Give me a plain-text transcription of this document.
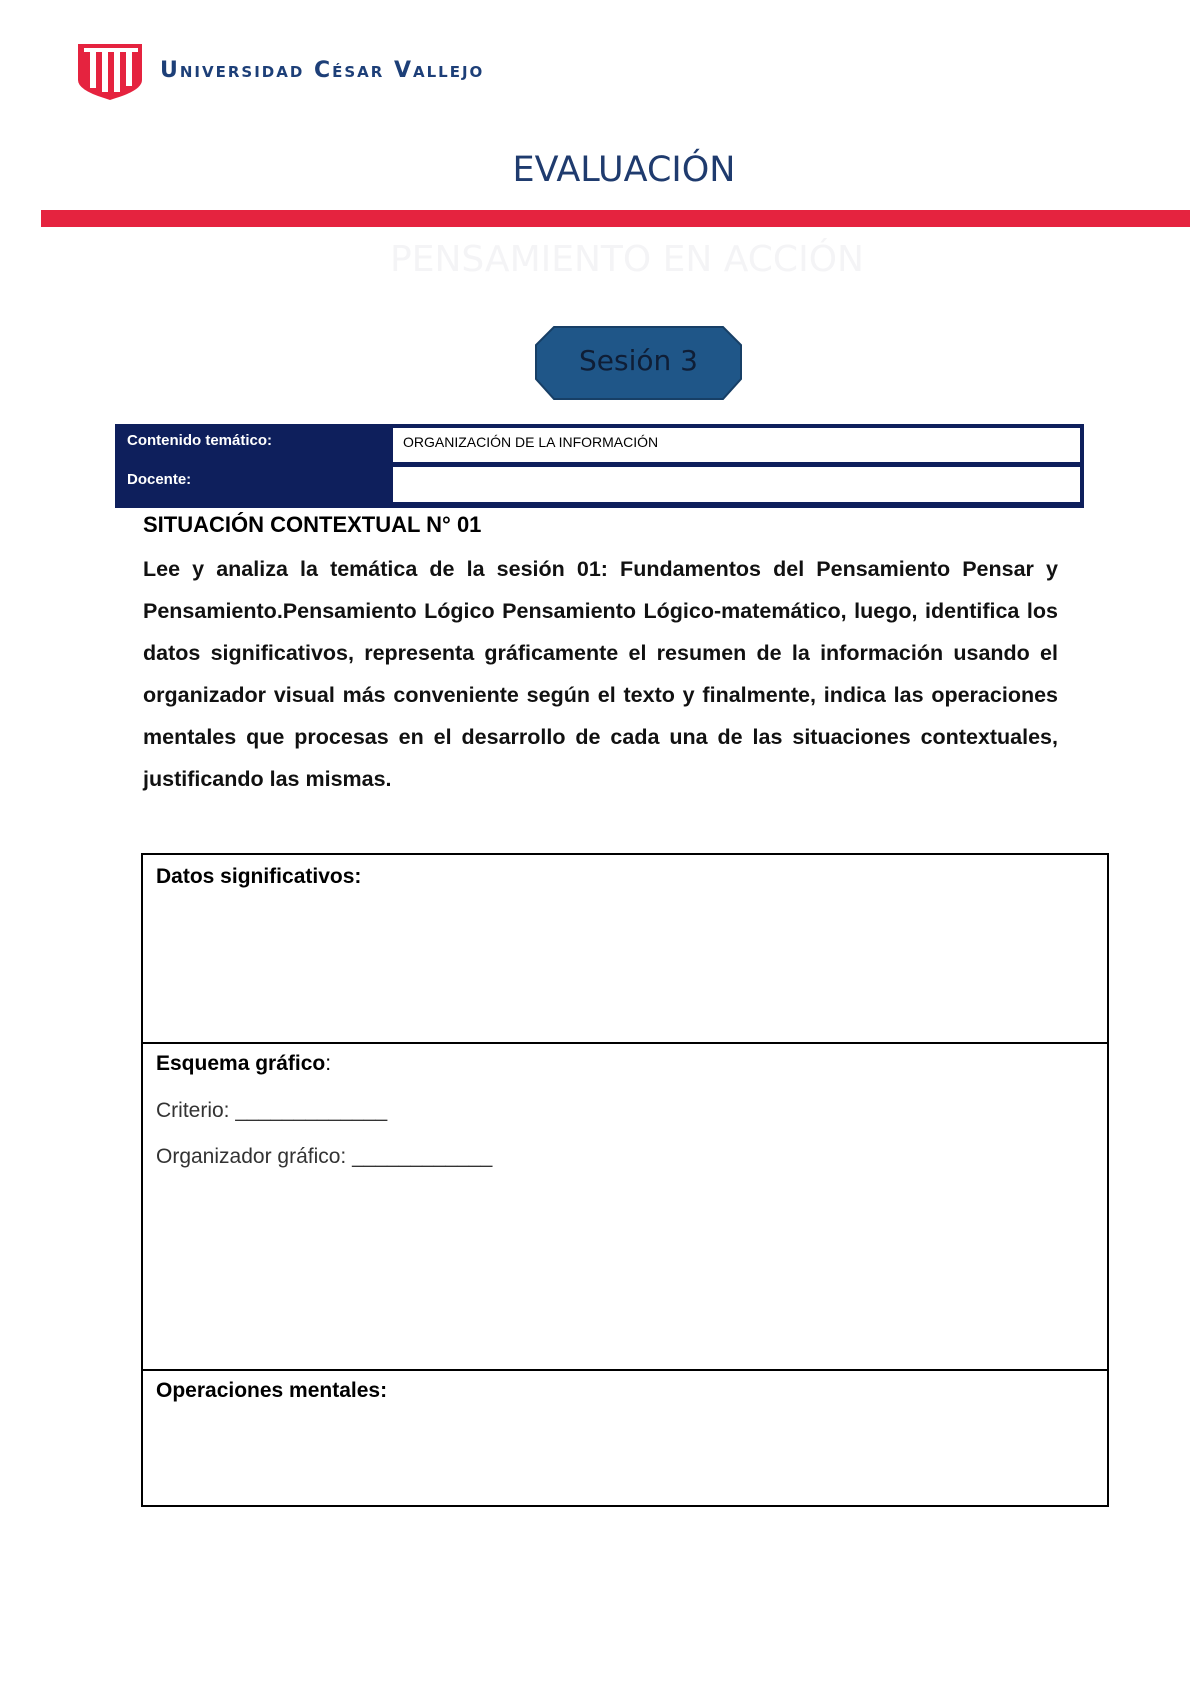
Universidad César Vallejo
EVALUACIÓN
PENSAMIENTO EN ACCIÓN
Sesión 3
Contenido temático:	ORGANIZACIÓN DE LA INFORMACIÓN
Docente:
SITUACIÓN CONTEXTUAL N° 01
Lee y analiza la temática de la sesión 01: Fundamentos del Pensamiento Pensar y Pensamiento.Pensamiento Lógico Pensamiento Lógico-matemático, luego, identifica los datos significativos, representa gráficamente el resumen de la información usando el organizador visual más conveniente según el texto y finalmente, indica las operaciones mentales que procesas en el desarrollo de cada una de las situaciones contextuales, justificando las mismas.
Datos significativos:
Esquema gráfico:
Criterio: _____________
Organizador gráfico: ____________
Operaciones mentales:
